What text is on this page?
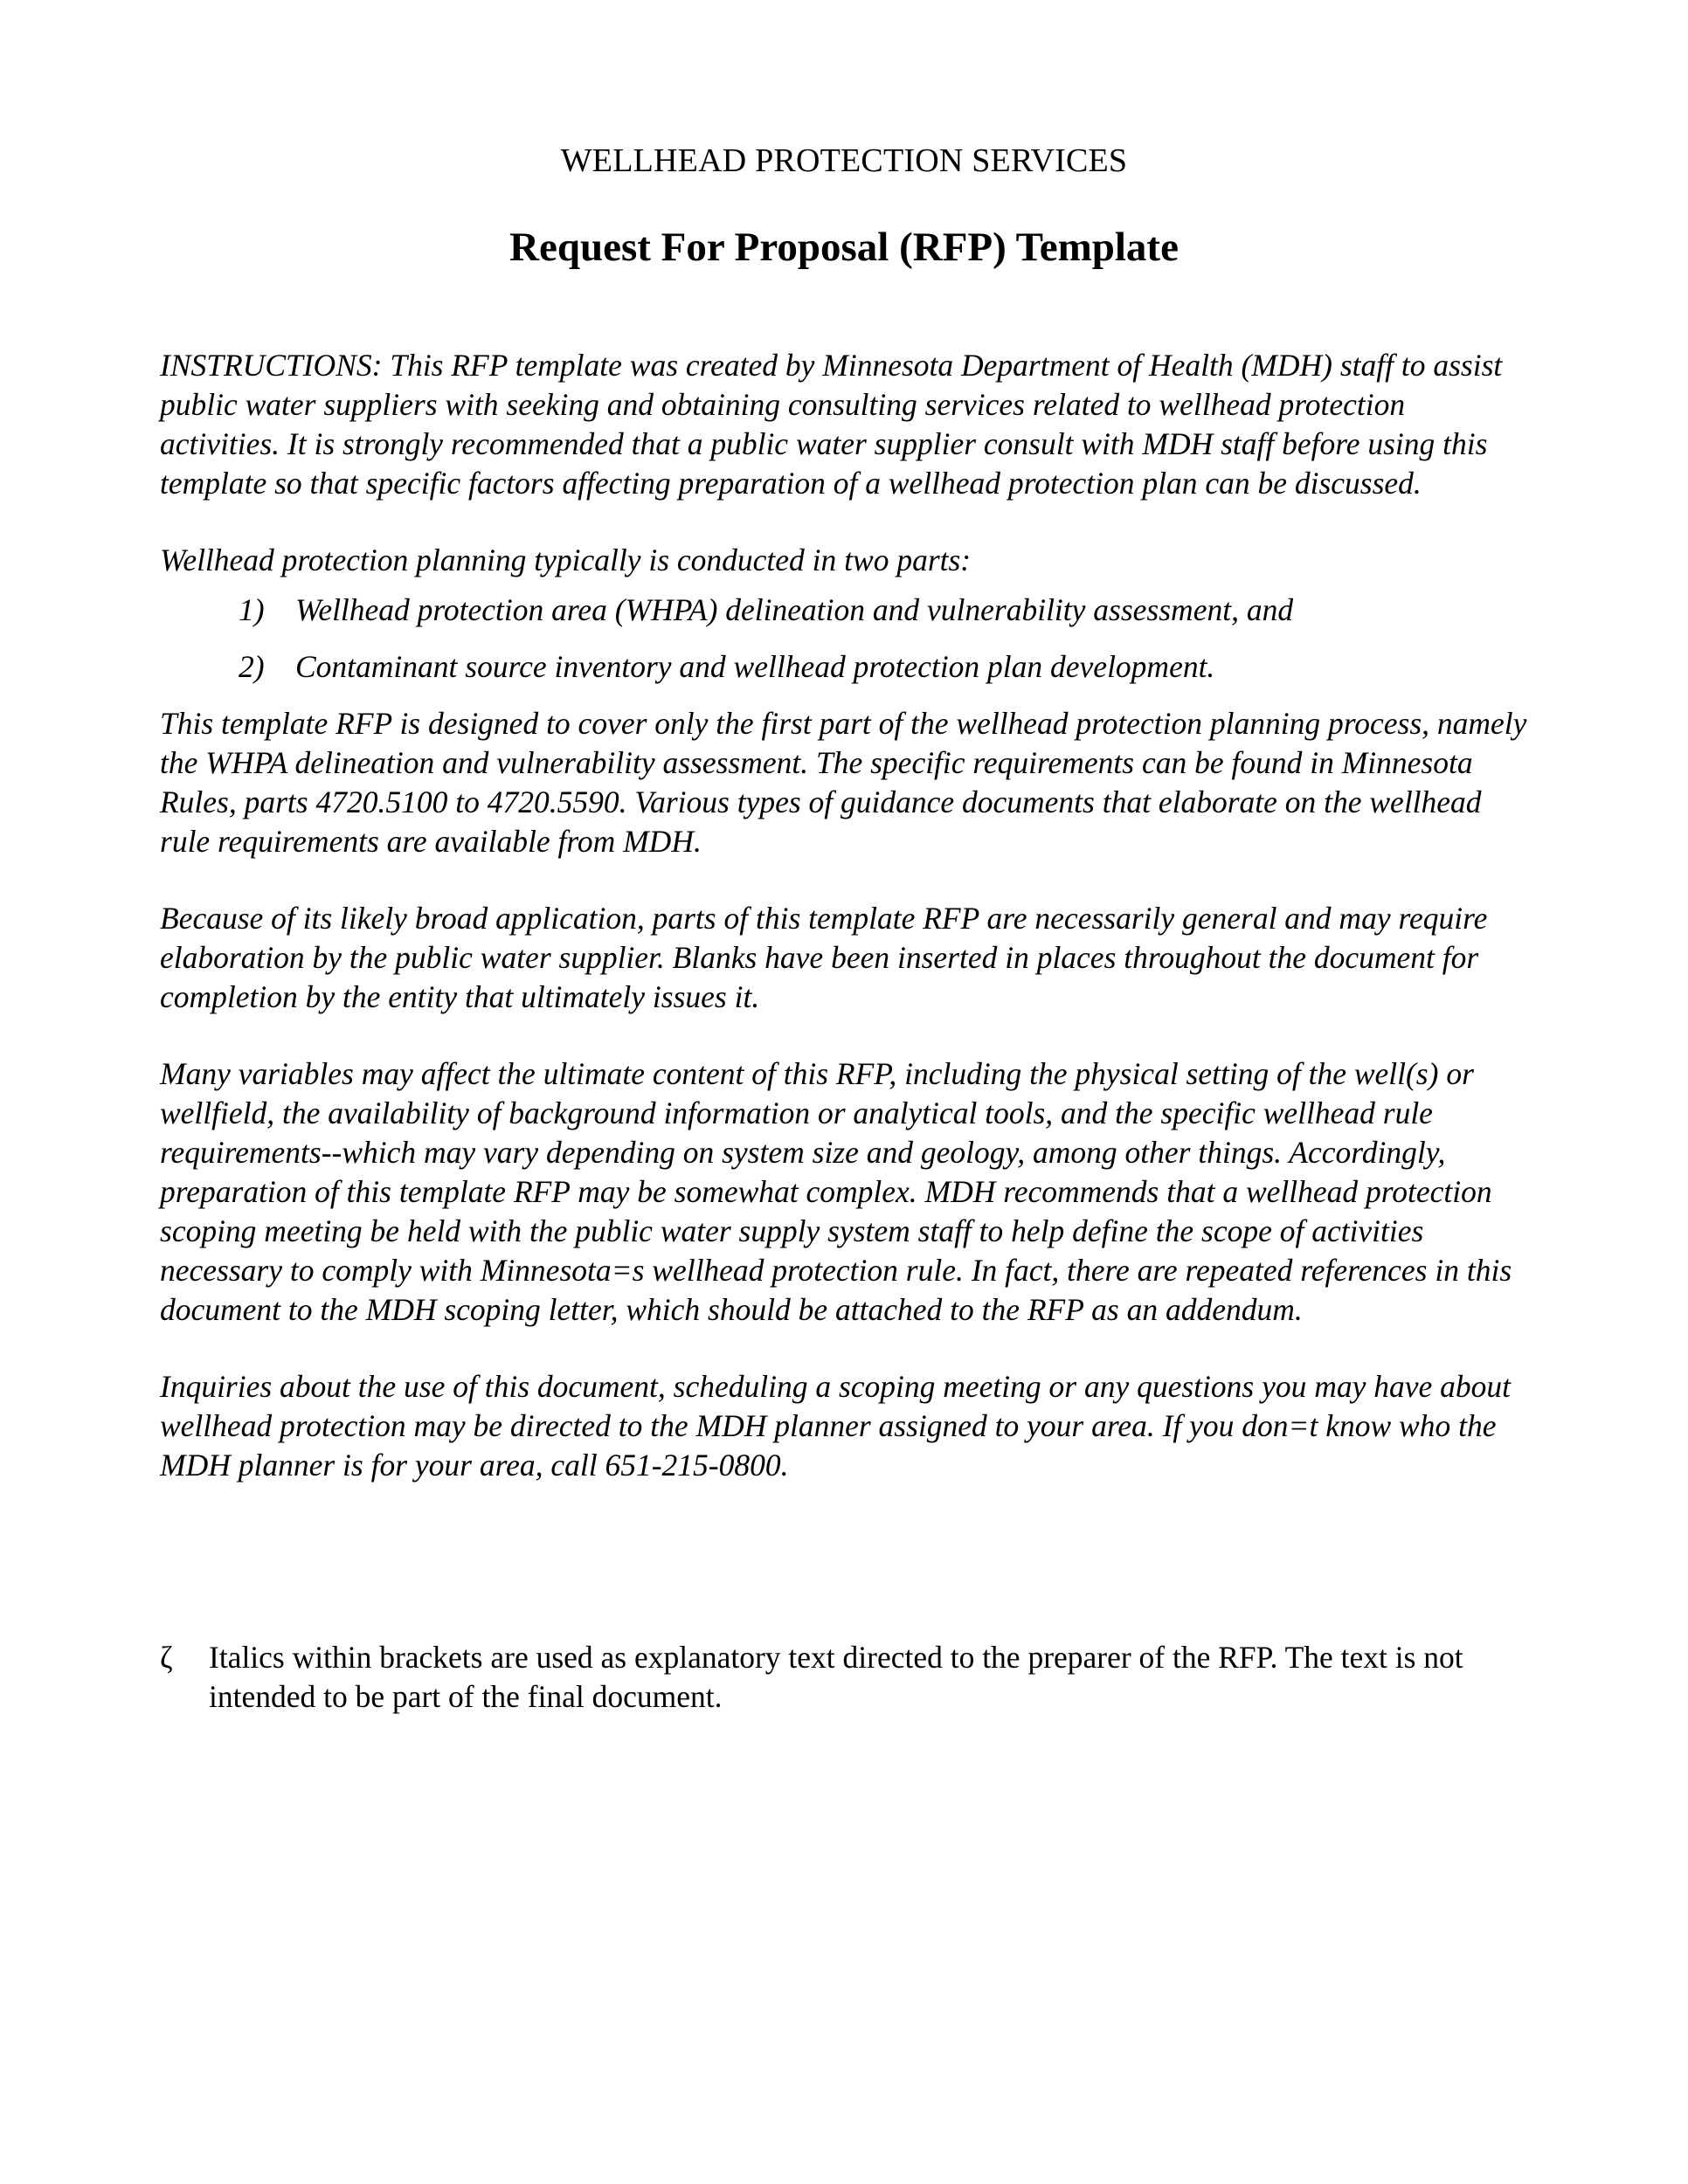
WELLHEAD PROTECTION SERVICES
Request For Proposal (RFP) Template

INSTRUCTIONS: This RFP template was created by Minnesota Department of Health (MDH) staff to assist public water suppliers with seeking and obtaining consulting services related to wellhead protection activities. It is strongly recommended that a public water supplier consult with MDH staff before using this template so that specific factors affecting preparation of a wellhead protection plan can be discussed.

Wellhead protection planning typically is conducted in two parts:

1) Wellhead protection area (WHPA) delineation and vulnerability assessment, and
2) Contaminant source inventory and wellhead protection plan development.

This template RFP is designed to cover only the first part of the wellhead protection planning process, namely the WHPA delineation and vulnerability assessment. The specific requirements can be found in Minnesota Rules, parts 4720.5100 to 4720.5590. Various types of guidance documents that elaborate on the wellhead rule requirements are available from MDH.

Because of its likely broad application, parts of this template RFP are necessarily general and may require elaboration by the public water supplier. Blanks have been inserted in places throughout the document for completion by the entity that ultimately issues it.

Many variables may affect the ultimate content of this RFP, including the physical setting of the well(s) or wellfield, the availability of background information or analytical tools, and the specific wellhead rule requirements--which may vary depending on system size and geology, among other things. Accordingly, preparation of this template RFP may be somewhat complex. MDH recommends that a wellhead protection scoping meeting be held with the public water supply system staff to help define the scope of activities necessary to comply with Minnesota=s wellhead protection rule. In fact, there are repeated references in this document to the MDH scoping letter, which should be attached to the RFP as an addendum.

Inquiries about the use of this document, scheduling a scoping meeting or any questions you may have about wellhead protection may be directed to the MDH planner assigned to your area. If you don=t know who the MDH planner is for your area, call 651-215-0800.

ζ	Italics within brackets are used as explanatory text directed to the preparer of the RFP. The text is not intended to be part of the final document.
